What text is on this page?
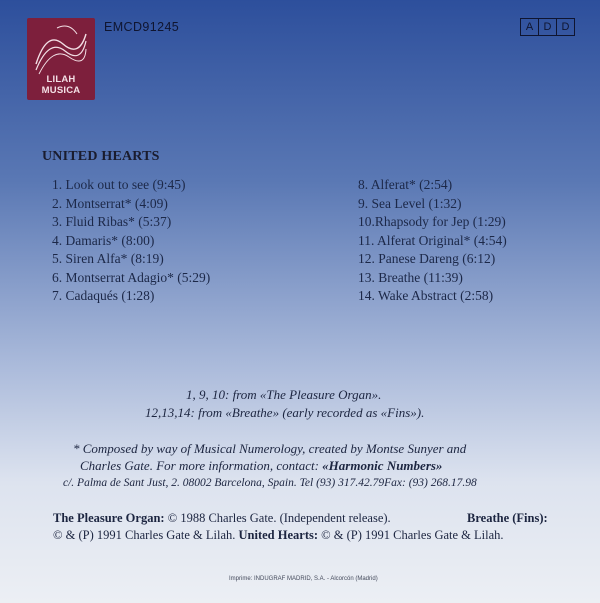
LILAH MUSICA
EMCD91245	A D D
UNITED HEARTS
1. Look out to see (9:45)
2. Montserrat* (4:09)
3. Fluid Ribas* (5:37)
4. Damaris* (8:00)
5. Siren Alfa* (8:19)
6. Montserrat Adagio* (5:29)
7. Cadaqués (1:28)
8. Alferat* (2:54)
9. Sea Level (1:32)
10.Rhapsody for Jep (1:29)
11. Alferat Original* (4:54)
12. Panese Dareng (6:12)
13. Breathe (11:39)
14. Wake Abstract (2:58)
1, 9, 10: from «The Pleasure Organ».
12,13,14: from «Breathe» (early recorded as «Fins»).
* Composed by way of Musical Numerology, created by Montse Sunyer and
Charles Gate. For more information, contact: «Harmonic Numbers»
c/. Palma de Sant Just, 2. 08002 Barcelona, Spain. Tel (93) 317.42.79Fax: (93) 268.17.98
The Pleasure Organ: © 1988 Charles Gate. (Independent release).	Breathe (Fins):
© & (P) 1991 Charles Gate & Lilah. United Hearts: © & (P) 1991 Charles Gate & Lilah.
Imprime: INDUGRAF MADRID, S.A. - Alcorcón (Madrid)
